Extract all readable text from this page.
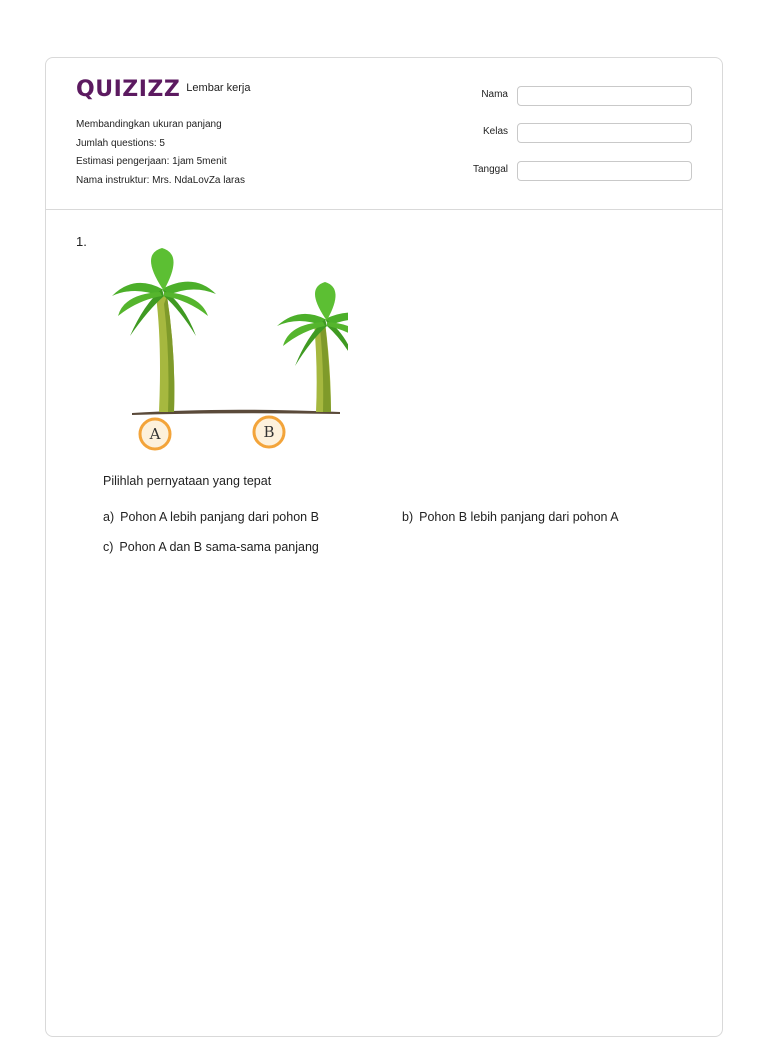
QUIZIZZ Lembar kerja
Membandingkan ukuran panjang
Jumlah questions: 5
Estimasi pengerjaan: 1jam 5menit
Nama instruktur: Mrs. NdaLovZa laras
Nama
Kelas
Tanggal
1.
A	B
Pilihlah pernyataan yang tepat
a) Pohon A lebih panjang dari pohon B	b) Pohon B lebih panjang dari pohon A
c) Pohon A dan B sama-sama panjang
